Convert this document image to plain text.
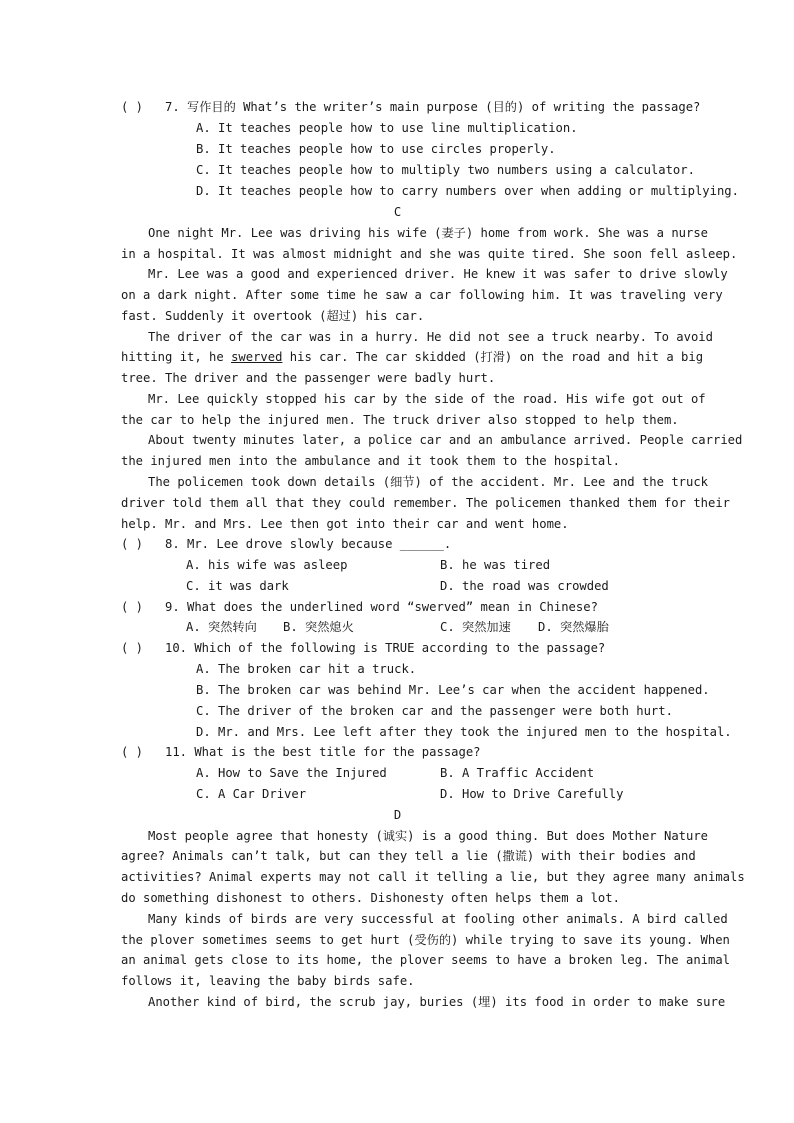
( ) 7. 写作目的 What’s the writer’s main purpose (目的) of writing the passage?
A. It teaches people how to use line multiplication.
B. It teaches people how to use circles properly.
C. It teaches people how to multiply two numbers using a calculator.
D. It teaches people how to carry numbers over when adding or multiplying.
C
One night Mr. Lee was driving his wife (妻子) home from work. She was a nurse
in a hospital. It was almost midnight and she was quite tired. She soon fell asleep.
Mr. Lee was a good and experienced driver. He knew it was safer to drive slowly
on a dark night. After some time he saw a car following him. It was traveling very
fast. Suddenly it overtook (超过) his car.
The driver of the car was in a hurry. He did not see a truck nearby. To avoid
hitting it, he swerved his car. The car skidded (打滑) on the road and hit a big
tree. The driver and the passenger were badly hurt.
Mr. Lee quickly stopped his car by the side of the road. His wife got out of
the car to help the injured men. The truck driver also stopped to help them.
About twenty minutes later, a police car and an ambulance arrived. People carried
the injured men into the ambulance and it took them to the hospital.
The policemen took down details (细节) of the accident. Mr. Lee and the truck
driver told them all that they could remember. The policemen thanked them for their
help. Mr. and Mrs. Lee then got into their car and went home.
( ) 8. Mr. Lee drove slowly because ______.
A. his wife was asleep	B. he was tired
C. it was dark	D. the road was crowded
( ) 9. What does the underlined word “swerved” mean in Chinese?
A. 突然转向 B. 突然熄火	C. 突然加速 D. 突然爆胎
( ) 10. Which of the following is TRUE according to the passage?
A. The broken car hit a truck.
B. The broken car was behind Mr. Lee’s car when the accident happened.
C. The driver of the broken car and the passenger were both hurt.
D. Mr. and Mrs. Lee left after they took the injured men to the hospital.
( ) 11. What is the best title for the passage?
A. How to Save the Injured	B. A Traffic Accident
C. A Car Driver	D. How to Drive Carefully
D
Most people agree that honesty (诚实) is a good thing. But does Mother Nature
agree? Animals can’t talk, but can they tell a lie (撒谎) with their bodies and
activities? Animal experts may not call it telling a lie, but they agree many animals
do something dishonest to others. Dishonesty often helps them a lot.
Many kinds of birds are very successful at fooling other animals. A bird called
the plover sometimes seems to get hurt (受伤的) while trying to save its young. When
an animal gets close to its home, the plover seems to have a broken leg. The animal
follows it, leaving the baby birds safe.
Another kind of bird, the scrub jay, buries (埋) its food in order to make sure
